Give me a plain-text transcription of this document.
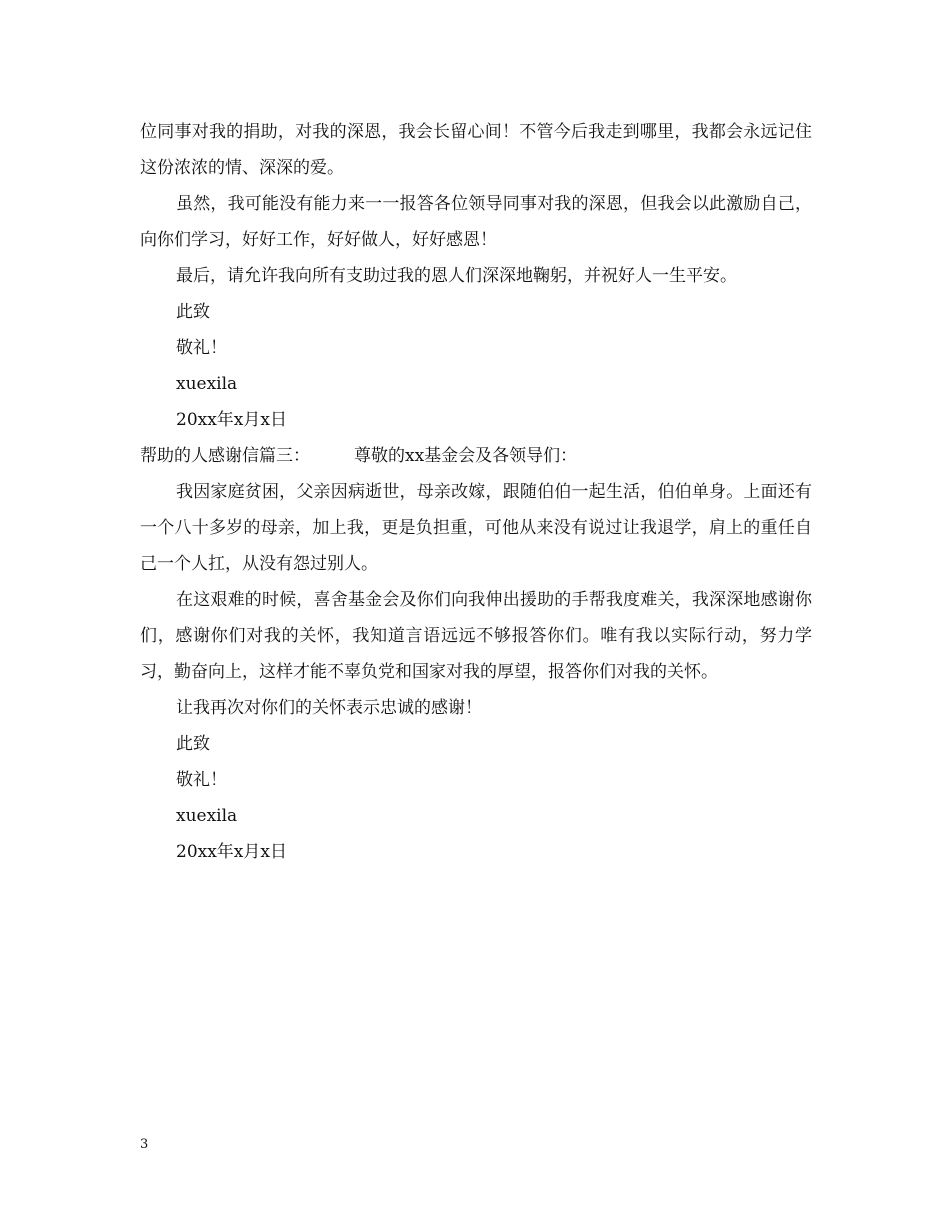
位同事对我的捐助，对我的深恩，我会长留心间！不管今后我走到哪里，我都会永远记住这份浓浓的情、深深的爱。

虽然，我可能没有能力来一一报答各位领导同事对我的深恩，但我会以此激励自己，向你们学习，好好工作，好好做人，好好感恩！

最后，请允许我向所有支助过我的恩人们深深地鞠躬，并祝好人一生平安。

此致

敬礼！

xuexila

20xx年x月x日

帮助的人感谢信篇三：	尊敬的xx基金会及各领导们：

我因家庭贫困，父亲因病逝世，母亲改嫁，跟随伯伯一起生活，伯伯单身。上面还有一个八十多岁的母亲，加上我，更是负担重，可他从来没有说过让我退学，肩上的重任自己一个人扛，从没有怨过别人。

在这艰难的时候，喜舍基金会及你们向我伸出援助的手帮我度难关，我深深地感谢你们，感谢你们对我的关怀，我知道言语远远不够报答你们。唯有我以实际行动，努力学习，勤奋向上，这样才能不辜负党和国家对我的厚望，报答你们对我的关怀。

让我再次对你们的关怀表示忠诚的感谢！

此致

敬礼！

xuexila

20xx年x月x日

3
